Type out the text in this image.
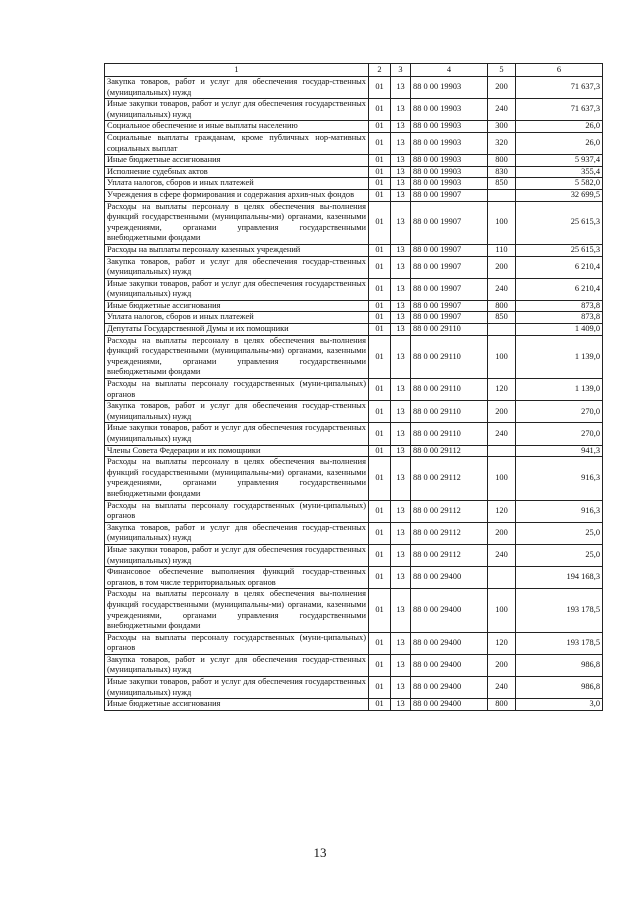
1	2	3	4	5	6
Закупка товаров, работ и услуг для обеспечения государ-ственных (муниципальных) нужд	01	13	88 0 00 19903	200	71 637,3
Иные закупки товаров, работ и услуг для обеспечения государственных (муниципальных) нужд	01	13	88 0 00 19903	240	71 637,3
Социальное обеспечение и иные выплаты населению	01	13	88 0 00 19903	300	26,0
Социальные выплаты гражданам, кроме публичных нор-мативных социальных выплат	01	13	88 0 00 19903	320	26,0
Иные бюджетные ассигнования	01	13	88 0 00 19903	800	5 937,4
Исполнение судебных актов	01	13	88 0 00 19903	830	355,4
Уплата налогов, сборов и иных платежей	01	13	88 0 00 19903	850	5 582,0
Учреждения в сфере формирования и содержания архив-ных фондов	01	13	88 0 00 19907		32 699,5
Расходы на выплаты персоналу в целях обеспечения вы-полнения функций государственными (муниципальны-ми) органами, казенными учреждениями, органами управления государственными внебюджетными фондами	01	13	88 0 00 19907	100	25 615,3
Расходы на выплаты персоналу казенных учреждений	01	13	88 0 00 19907	110	25 615,3
Закупка товаров, работ и услуг для обеспечения государ-ственных (муниципальных) нужд	01	13	88 0 00 19907	200	6 210,4
Иные закупки товаров, работ и услуг для обеспечения государственных (муниципальных) нужд	01	13	88 0 00 19907	240	6 210,4
Иные бюджетные ассигнования	01	13	88 0 00 19907	800	873,8
Уплата налогов, сборов и иных платежей	01	13	88 0 00 19907	850	873,8
Депутаты Государственной Думы и их помощники	01	13	88 0 00 29110		1 409,0
Расходы на выплаты персоналу в целях обеспечения вы-полнения функций государственными (муниципальны-ми) органами, казенными учреждениями, органами управления государственными внебюджетными фондами	01	13	88 0 00 29110	100	1 139,0
Расходы на выплаты персоналу государственных (муни-ципальных) органов	01	13	88 0 00 29110	120	1 139,0
Закупка товаров, работ и услуг для обеспечения государ-ственных (муниципальных) нужд	01	13	88 0 00 29110	200	270,0
Иные закупки товаров, работ и услуг для обеспечения государственных (муниципальных) нужд	01	13	88 0 00 29110	240	270,0
Члены Совета Федерации и их помощники	01	13	88 0 00 29112		941,3
Расходы на выплаты персоналу в целях обеспечения вы-полнения функций государственными (муниципальны-ми) органами, казенными учреждениями, органами управления государственными внебюджетными фондами	01	13	88 0 00 29112	100	916,3
Расходы на выплаты персоналу государственных (муни-ципальных) органов	01	13	88 0 00 29112	120	916,3
Закупка товаров, работ и услуг для обеспечения государ-ственных (муниципальных) нужд	01	13	88 0 00 29112	200	25,0
Иные закупки товаров, работ и услуг для обеспечения государственных (муниципальных) нужд	01	13	88 0 00 29112	240	25,0
Финансовое обеспечение выполнения функций государ-ственных органов, в том числе территориальных органов	01	13	88 0 00 29400		194 168,3
Расходы на выплаты персоналу в целях обеспечения вы-полнения функций государственными (муниципальны-ми) органами, казенными учреждениями, органами управления государственными внебюджетными фондами	01	13	88 0 00 29400	100	193 178,5
Расходы на выплаты персоналу государственных (муни-ципальных) органов	01	13	88 0 00 29400	120	193 178,5
Закупка товаров, работ и услуг для обеспечения государ-ственных (муниципальных) нужд	01	13	88 0 00 29400	200	986,8
Иные закупки товаров, работ и услуг для обеспечения государственных (муниципальных) нужд	01	13	88 0 00 29400	240	986,8
Иные бюджетные ассигнования	01	13	88 0 00 29400	800	3,0
13
